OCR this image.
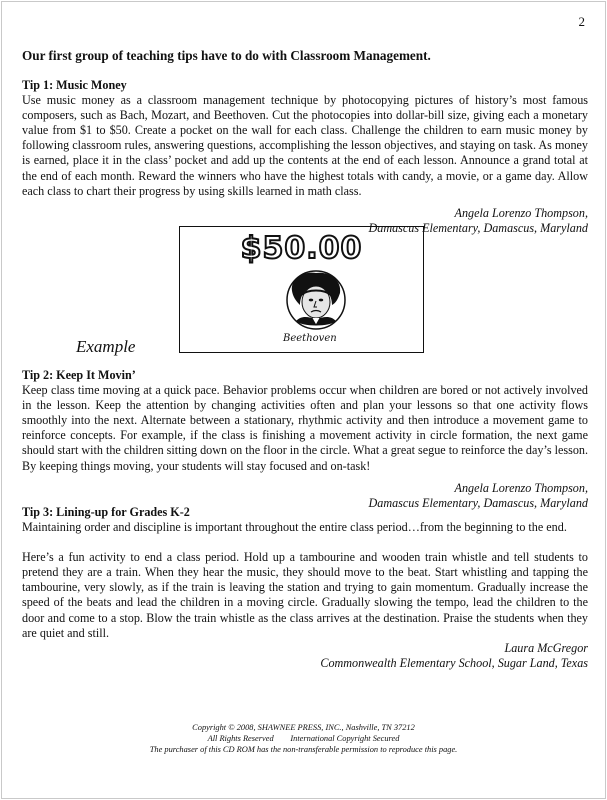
2
Our first group of teaching tips have to do with Classroom Management.
Tip 1: Music Money

Use music money as a classroom management technique by photocopying pictures of history’s most famous composers, such as Bach, Mozart, and Beethoven. Cut the photocopies into dollar-bill size, giving each a monetary value from $1 to $50. Create a pocket on the wall for each class. Challenge the children to earn music money by following classroom rules, answering questions, accomplishing the lesson objectives, and staying on task. As money is earned, place it in the class’ pocket and add up the contents at the end of each lesson. Announce a grand total at the end of each month. Reward the winners who have the highest totals with candy, a movie, or a game day. Allow each class to chart their progress by using skills learned in math class.

Angela Lorenzo Thompson,
Damascus Elementary, Damascus, Maryland
$50.00
Beethoven
Example
Tip 2: Keep It Movin’

Keep class time moving at a quick pace. Behavior problems occur when children are bored or not actively involved in the lesson. Keep the attention by changing activities often and plan your lessons so that one activity flows smoothly into the next. Alternate between a stationary, rhythmic activity and then introduce a movement game to reinforce concepts. For example, if the class is finishing a movement activity in circle formation, the next game should start with the children sitting down on the floor in the circle. What a great segue to reinforce the day’s lesson. By keeping things moving, your students will stay focused and on-task!

Angela Lorenzo Thompson,
Damascus Elementary, Damascus, Maryland
Tip 3: Lining-up for Grades K-2

Maintaining order and discipline is important throughout the entire class period…from the beginning to the end.

Here’s a fun activity to end a class period. Hold up a tambourine and wooden train whistle and tell students to pretend they are a train. When they hear the music, they should move to the beat. Start whistling and tapping the tambourine, very slowly, as if the train is leaving the station and trying to gain momentum. Gradually increase the speed of the beats and lead the children in a moving circle. Gradually slowing the tempo, lead the children to the door and come to a stop. Blow the train whistle as the class arrives at the destination. Praise the students when they are quiet and still.

Laura McGregor
Commonwealth Elementary School, Sugar Land, Texas
Copyright © 2008, SHAWNEE PRESS, INC., Nashville, TN 37212
All Rights Reserved        International Copyright Secured
The purchaser of this CD ROM has the non-transferable permission to reproduce this page.
